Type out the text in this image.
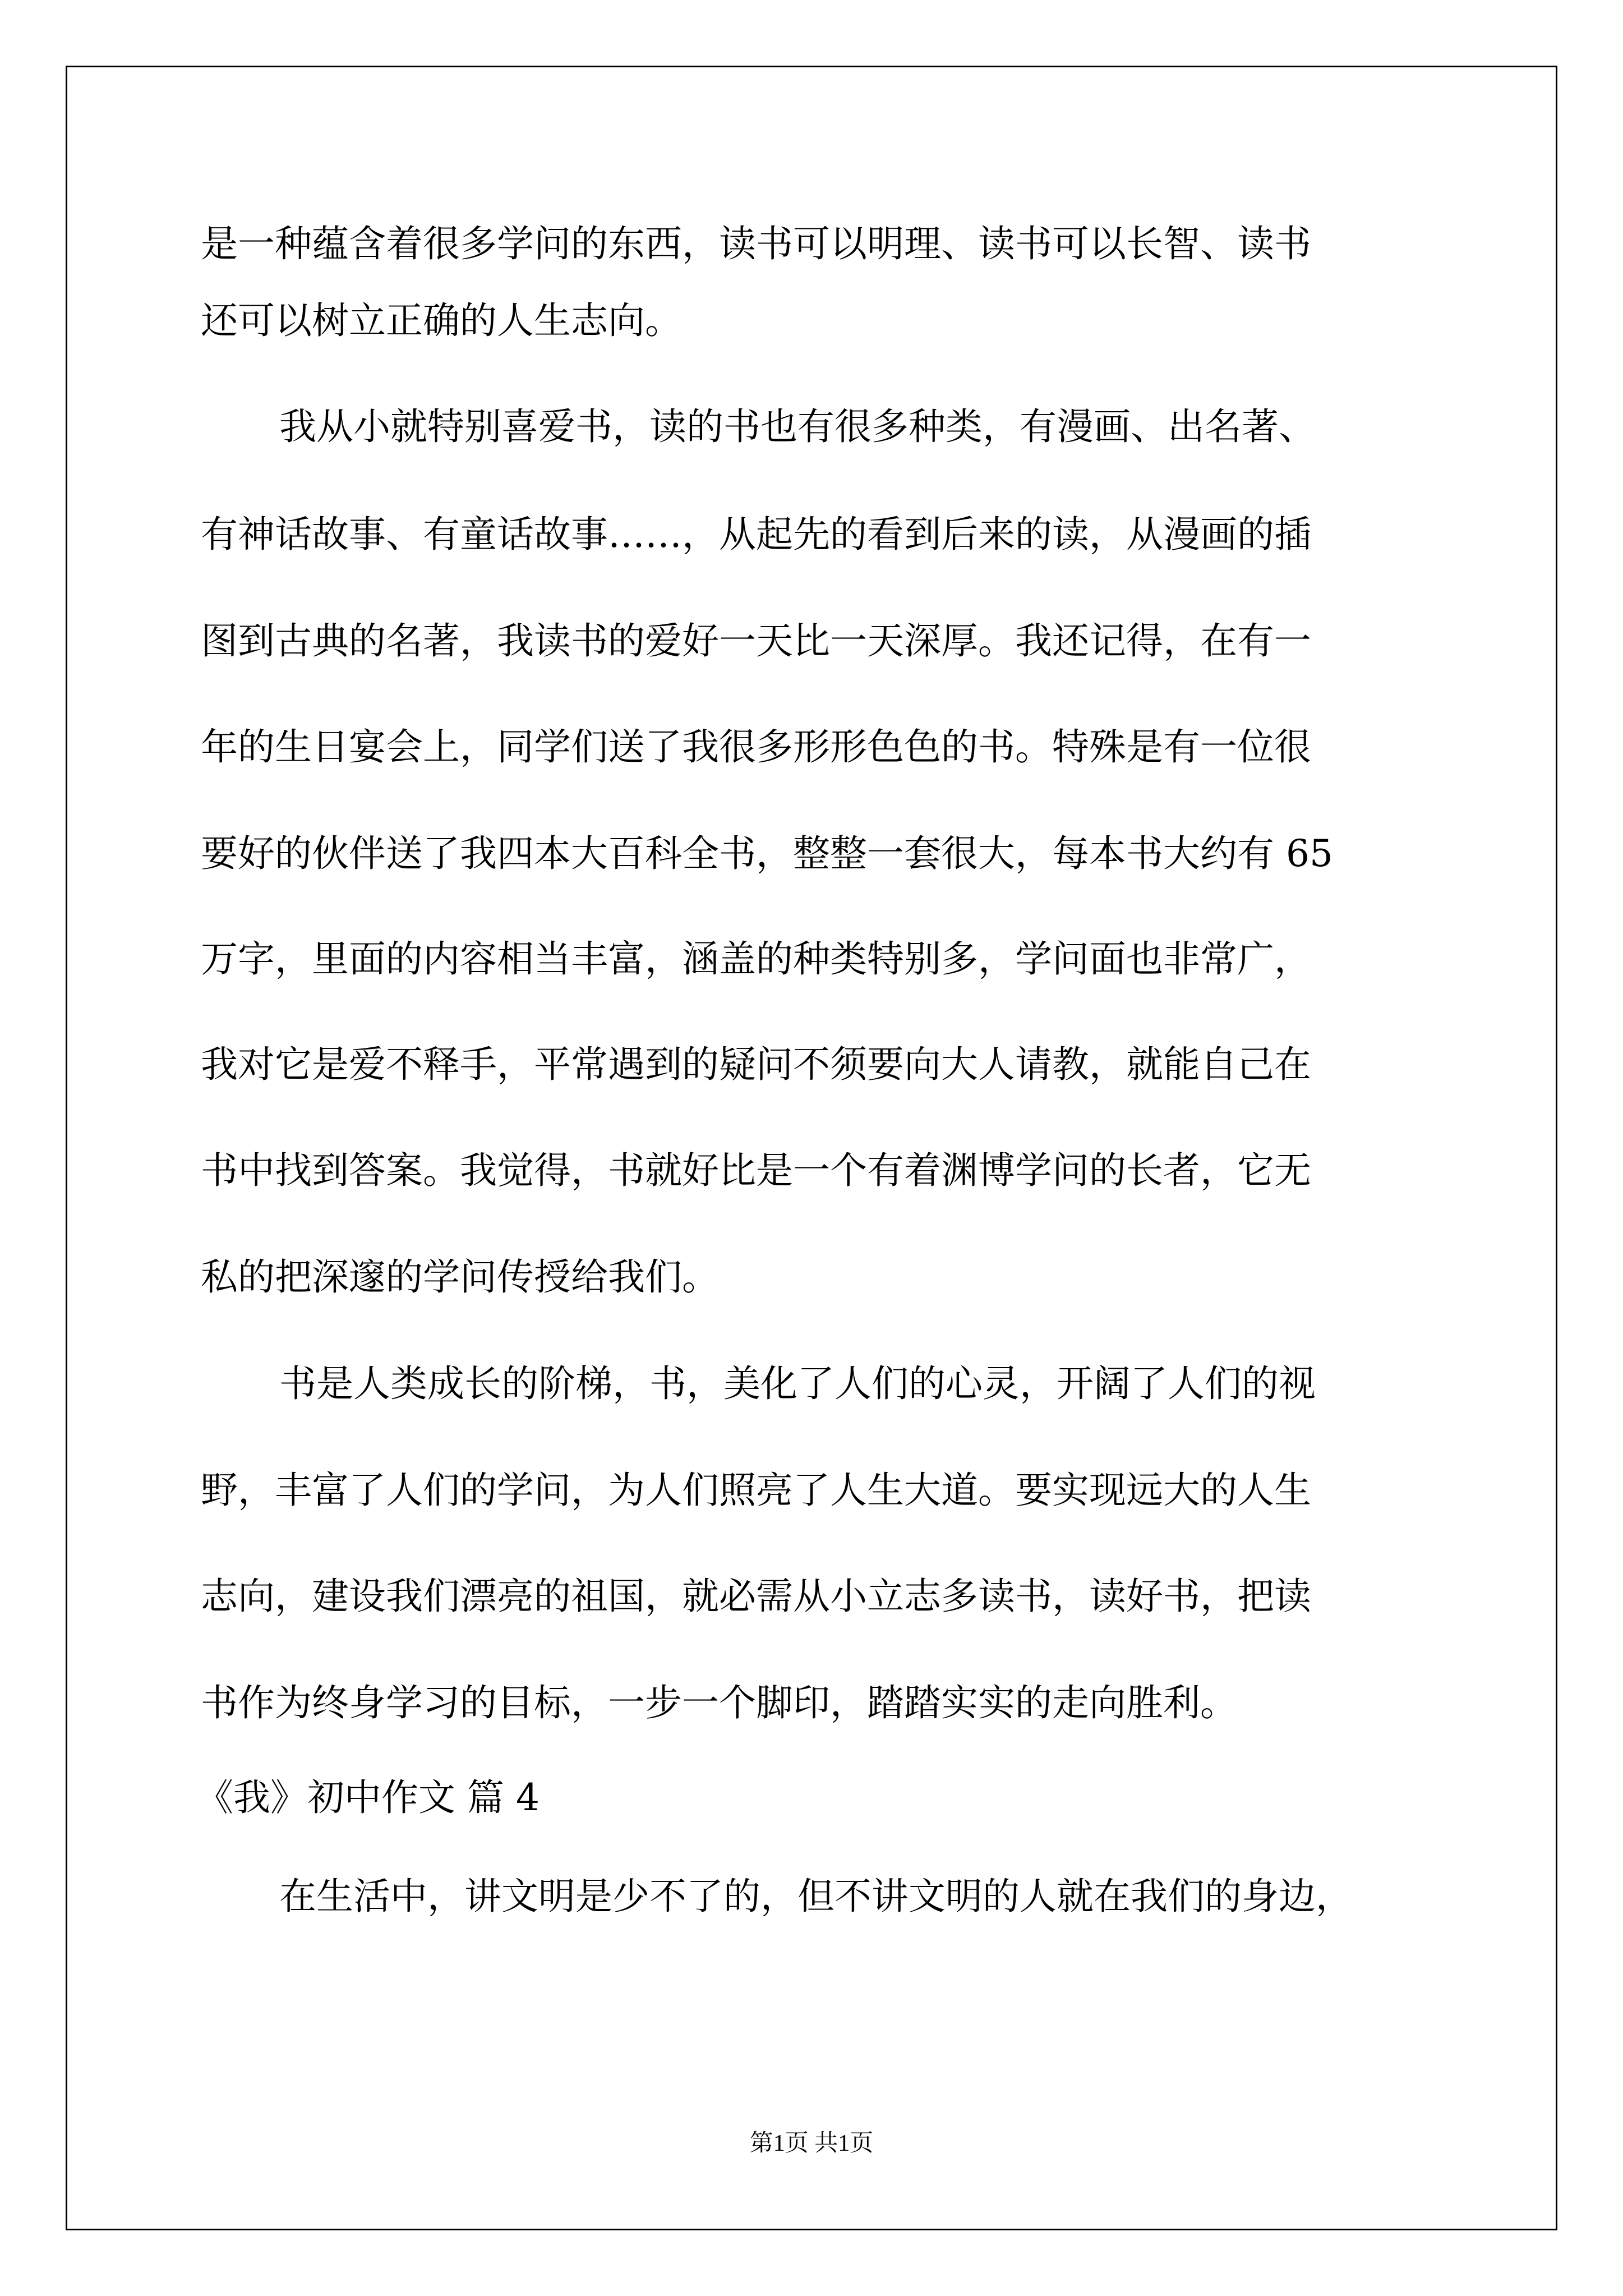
是一种蕴含着很多学问的东西，读书可以明理、读书可以长智、读书
还可以树立正确的人生志向。
我从小就特别喜爱书，读的书也有很多种类，有漫画、出名著、
有神话故事、有童话故事……，从起先的看到后来的读，从漫画的插
图到古典的名著，我读书的爱好一天比一天深厚。我还记得，在有一
年的生日宴会上，同学们送了我很多形形色色的书。特殊是有一位很
要好的伙伴送了我四本大百科全书，整整一套很大，每本书大约有 65
万字，里面的内容相当丰富，涵盖的种类特别多，学问面也非常广，
我对它是爱不释手，平常遇到的疑问不须要向大人请教，就能自己在
书中找到答案。我觉得，书就好比是一个有着渊博学问的长者，它无
私的把深邃的学问传授给我们。
书是人类成长的阶梯，书，美化了人们的心灵，开阔了人们的视
野，丰富了人们的学问，为人们照亮了人生大道。要实现远大的人生
志向，建设我们漂亮的祖国，就必需从小立志多读书，读好书，把读
书作为终身学习的目标，一步一个脚印，踏踏实实的走向胜利。
《我》初中作文 篇 4
在生活中，讲文明是少不了的，但不讲文明的人就在我们的身边，
第1页 共1页
